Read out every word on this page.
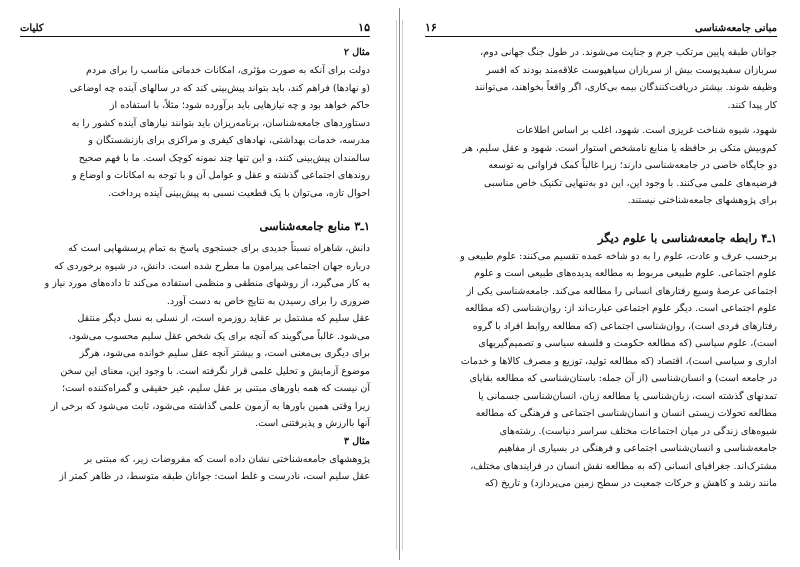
۱۵
کلیات

مثال ۲

دولت برای آنکه به صورت مؤثری، امکانات خدماتی مناسب را برای مردم

(و نهادها) فراهم کند، باید بتواند پیش‌بینی کند که در سالهای آینده چه اوضاعی

حاکم خواهد بود و چه نیازهایی باید برآورده شود؛ مثلاً، با استفاده از

دستاوردهای جامعه‌شناسان، برنامه‌ریزان باید بتوانند نیازهای آینده کشور را به

مدرسه، خدمات بهداشتی، نهادهای کیفری و مراکزی برای بازنشستگان و

سالمندان پیش‌بینی کنند، و این تنها چند نمونه کوچک است. ما با فهم صحیح

روندهای اجتماعی گذشته و عقل و عوامل آن و با توجه به امکانات و اوضاع و

احوال تازه، می‌توان با یک قطعیت نسبی به پیش‌بینی آینده پرداخت.

۱ـ۳ منابع جامعه‌شناسی

دانش، شاهراه نسبتاً جدیدی برای جستجوی پاسخ به تمام پرسشهایی است که

درباره جهان اجتماعی پیرامون ما مطرح شده است. دانش، در شیوه برخوردی که

به کار می‌گیرد، از روشهای منطقی و منظمی استفاده می‌کند تا داده‌های مورد نیاز و

ضروری را برای رسیدن به نتایج خاص به دست آورد.

عقل سلیم که مشتمل بر عقاید روزمره است، از نسلی به نسل دیگر منتقل

می‌شود. غالباً می‌گویند که آنچه برای یک شخص عقل سلیم محسوب می‌شود،

برای دیگری بی‌معنی است، و بیشتر آنچه عقل سلیم خوانده می‌شود، هرگز

موضوع آزمایش و تحلیل علمی قرار نگرفته است. با وجود این، معنای این سخن

آن نیست که همه باورهای مبتنی بر عقل سلیم، غیر حقیقی و گمراه‌کننده است؛

زیرا وقتی همین باورها به آزمون علمی گذاشته می‌شود، ثابت می‌شود که برخی از

آنها باارزش و پذیرفتنی است.

مثال ۳

پژوهشهای جامعه‌شناختی نشان داده است که مفروضات زیر، که مبتنی بر

عقل سلیم است، نادرست و غلط است: جوانان طبقه متوسط، در ظاهر کمتر از

مبانی جامعه‌شناسی
۱۶

جوانان طبقه پایین مرتکب جرم و جنایت می‌شوند. در طول جنگ جهانی دوم،

سربازان سفیدپوست بیش از سربازان سیاهپوست علاقه‌مند بودند که افسر

وظیفه شوند. بیشتر دریافت‌کنندگان بیمه بی‌کاری، اگر واقعاً بخواهند، می‌توانند

کار پیدا کنند.

شهود، شیوه شناخت غریزی است. شهود، اغلب بر اساس اطلاعات

کم‌وبیش متکی بر حافظه یا منابع نامشخص استوار است. شهود و عقل سلیم، هر

دو جایگاه خاصی در جامعه‌شناسی دارند؛ زیرا غالباً کمک فراوانی به توسعه

فرضیه‌های علمی می‌کنند. با وجود این، این دو به‌تنهایی تکنیک خاص مناسبی

برای پژوهشهای جامعه‌شناختی نیستند.

۱ـ۴ رابطه جامعه‌شناسی با علوم دیگر

برحسب عرف و عادت، علوم را به دو شاخه عمده تقسیم می‌کنند: علوم طبیعی و

علوم اجتماعی. علوم طبیعی مربوط به مطالعه پدیده‌های طبیعی است و علوم

اجتماعی عرصهٔ وسیع رفتارهای انسانی را مطالعه می‌کند. جامعه‌شناسی یکی از

علوم اجتماعی است. دیگر علوم اجتماعی عبارت‌اند از: روان‌شناسی (که مطالعه

رفتارهای فردی است)، روان‌شناسی اجتماعی (که مطالعه روابط افراد با گروه

است)، علوم سیاسی (که مطالعه حکومت و فلسفه سیاسی و تصمیم‌گیریهای

اداری و سیاسی است)، اقتصاد (که مطالعه تولید، توزیع و مصرف کالاها و خدمات

در جامعه است) و انسان‌شناسی (از آن جمله: باستان‌شناسی که مطالعه بقایای

تمدنهای گذشته است، زبان‌شناسی یا مطالعه زبان، انسان‌شناسی جسمانی یا

مطالعه تحولات زیستی انسان و انسان‌شناسی اجتماعی و فرهنگی که مطالعه

شیوه‌های زندگی در میان اجتماعات مختلف سراسر دنیاست). رشته‌های

جامعه‌شناسی و انسان‌شناسی اجتماعی و فرهنگی در بسیاری از مفاهیم

مشترک‌اند. جغرافیای انسانی (که به مطالعه نقش انسان در فرایندهای مختلف،

مانند رشد و کاهش و حرکات جمعیت در سطح زمین می‌پردازد) و تاریخ (که
